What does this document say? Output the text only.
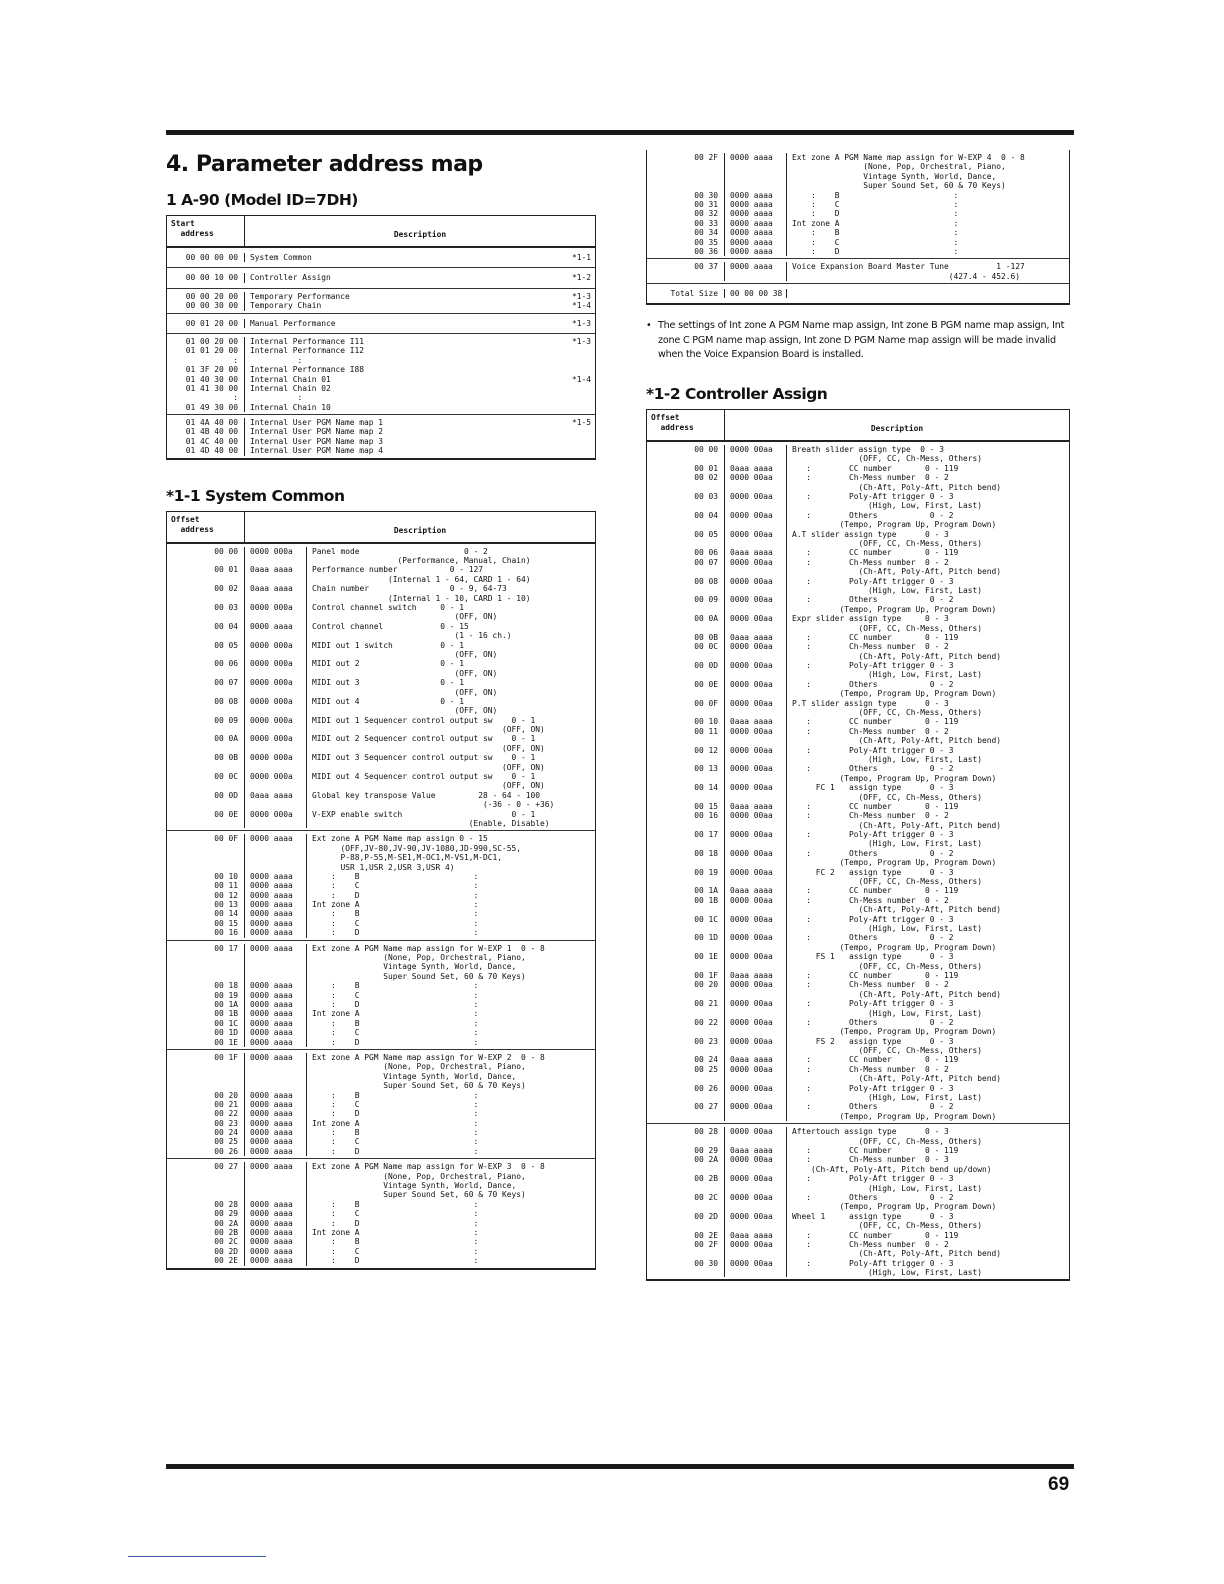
4. Parameter address map
1 A-90 (Model ID=7DH)
Start
address	Description
00 00 00 00	System Common	*1-1
00 00 10 00	Controller Assign	*1-2
00 00 20 00	Temporary Performance	*1-3
00 00 30 00	Temporary Chain	*1-4
00 01 20 00	Manual Performance	*1-3
01 00 20 00	Internal Performance I11	*1-3
01 01 20 00	Internal Performance I12
:	:
01 3F 20 00	Internal Performance I88
01 40 30 00	Internal Chain 01	*1-4
01 41 30 00	Internal Chain 02
:	:
01 49 30 00	Internal Chain 10
01 4A 40 00	Internal User PGM Name map 1	*1-5
01 4B 40 00	Internal User PGM Name map 2
01 4C 40 00	Internal User PGM Name map 3
01 4D 40 00	Internal User PGM Name map 4
*1-1 System Common
Offset
address	Description
00 00	0000 000a	Panel mode                      0 - 2
(Performance, Manual, Chain)
00 01	0aaa aaaa	Performance number           0 - 127
(Internal 1 - 64, CARD 1 - 64)
00 02	0aaa aaaa	Chain number                 0 - 9, 64-73
(Internal 1 - 10, CARD 1 - 10)
00 03	0000 000a	Control channel switch     0 - 1
(OFF, ON)
00 04	0000 aaaa	Control channel            0 - 15
(1 - 16 ch.)
00 05	0000 000a	MIDI out 1 switch          0 - 1
(OFF, ON)
00 06	0000 000a	MIDI out 2                 0 - 1
(OFF, ON)
00 07	0000 000a	MIDI out 3                 0 - 1
(OFF, ON)
00 08	0000 000a	MIDI out 4                 0 - 1
(OFF, ON)
00 09	0000 000a	MIDI out 1 Sequencer control output sw    0 - 1
(OFF, ON)
00 0A	0000 000a	MIDI out 2 Sequencer control output sw    0 - 1
(OFF, ON)
00 0B	0000 000a	MIDI out 3 Sequencer control output sw    0 - 1
(OFF, ON)
00 0C	0000 000a	MIDI out 4 Sequencer control output sw    0 - 1
(OFF, ON)
00 0D	0aaa aaaa	Global key transpose Value         28 - 64 - 100
(-36 - 0 - +36)
00 0E	0000 000a	V-EXP enable switch                       0 - 1
(Enable, Disable)
00 0F	0000 aaaa	Ext zone A PGM Name map assign 0 - 15
(OFF,JV-80,JV-90,JV-1080,JD-990,SC-55,
P-88,P-55,M-SE1,M-OC1,M-VS1,M-DC1,
USR 1,USR 2,USR 3,USR 4)
00 10	0000 aaaa	:    B                        :
00 11	0000 aaaa	:    C                        :
00 12	0000 aaaa	:    D                        :
00 13	0000 aaaa	Int zone A                        :
00 14	0000 aaaa	:    B                        :
00 15	0000 aaaa	:    C                        :
00 16	0000 aaaa	:    D                        :
00 17	0000 aaaa	Ext zone A PGM Name map assign for W-EXP 1  0 - 8
(None, Pop, Orchestral, Piano,
Vintage Synth, World, Dance,
Super Sound Set, 60 & 70 Keys)
00 18	0000 aaaa	:    B                        :
00 19	0000 aaaa	:    C                        :
00 1A	0000 aaaa	:    D                        :
00 1B	0000 aaaa	Int zone A                        :
00 1C	0000 aaaa	:    B                        :
00 1D	0000 aaaa	:    C                        :
00 1E	0000 aaaa	:    D                        :
00 1F	0000 aaaa	Ext zone A PGM Name map assign for W-EXP 2  0 - 8
(None, Pop, Orchestral, Piano,
Vintage Synth, World, Dance,
Super Sound Set, 60 & 70 Keys)
00 20	0000 aaaa	:    B                        :
00 21	0000 aaaa	:    C                        :
00 22	0000 aaaa	:    D                        :
00 23	0000 aaaa	Int zone A                        :
00 24	0000 aaaa	:    B                        :
00 25	0000 aaaa	:    C                        :
00 26	0000 aaaa	:    D                        :
00 27	0000 aaaa	Ext zone A PGM Name map assign for W-EXP 3  0 - 8
(None, Pop, Orchestral, Piano,
Vintage Synth, World, Dance,
Super Sound Set, 60 & 70 Keys)
00 28	0000 aaaa	:    B                        :
00 29	0000 aaaa	:    C                        :
00 2A	0000 aaaa	:    D                        :
00 2B	0000 aaaa	Int zone A                        :
00 2C	0000 aaaa	:    B                        :
00 2D	0000 aaaa	:    C                        :
00 2E	0000 aaaa	:    D                        :
00 2F	0000 aaaa	Ext zone A PGM Name map assign for W-EXP 4  0 - 8
(None, Pop, Orchestral, Piano,
Vintage Synth, World, Dance,
Super Sound Set, 60 & 70 Keys)
00 30	0000 aaaa	:    B                        :
00 31	0000 aaaa	:    C                        :
00 32	0000 aaaa	:    D                        :
00 33	0000 aaaa	Int zone A                        :
00 34	0000 aaaa	:    B                        :
00 35	0000 aaaa	:    C                        :
00 36	0000 aaaa	:    D                        :
00 37	0000 aaaa	Voice Expansion Board Master Tune          1 -127
(427.4 - 452.6)
Total Size	00 00 00 38

• The settings of Int zone A PGM Name map assign, Int zone B PGM name map assign, Int zone C PGM name map assign, Int zone D PGM Name map assign will be made invalid when the Voice Expansion Board is installed.

*1-2 Controller Assign
Offset
address	Description
00 00	0000 00aa	Breath slider assign type  0 - 3
(OFF, CC, Ch-Mess, Others)
00 01	0aaa aaaa	:        CC number       0 - 119
00 02	0000 00aa	:        Ch-Mess number  0 - 2
(Ch-Aft, Poly-Aft, Pitch bend)
00 03	0000 00aa	:        Poly-Aft trigger 0 - 3
(High, Low, First, Last)
00 04	0000 00aa	:        Others           0 - 2
(Tempo, Program Up, Program Down)
00 05	0000 00aa	A.T slider assign type      0 - 3
(OFF, CC, Ch-Mess, Others)
00 06	0aaa aaaa	:        CC number       0 - 119
00 07	0000 00aa	:        Ch-Mess number  0 - 2
(Ch-Aft, Poly-Aft, Pitch bend)
00 08	0000 00aa	:        Poly-Aft trigger 0 - 3
(High, Low, First, Last)
00 09	0000 00aa	:        Others           0 - 2
(Tempo, Program Up, Program Down)
00 0A	0000 00aa	Expr slider assign type     0 - 3
(OFF, CC, Ch-Mess, Others)
00 0B	0aaa aaaa	:        CC number       0 - 119
00 0C	0000 00aa	:        Ch-Mess number  0 - 2
(Ch-Aft, Poly-Aft, Pitch bend)
00 0D	0000 00aa	:        Poly-Aft trigger 0 - 3
(High, Low, First, Last)
00 0E	0000 00aa	:        Others           0 - 2
(Tempo, Program Up, Program Down)
00 0F	0000 00aa	P.T slider assign type      0 - 3
(OFF, CC, Ch-Mess, Others)
00 10	0aaa aaaa	:        CC number       0 - 119
00 11	0000 00aa	:        Ch-Mess number  0 - 2
(Ch-Aft, Poly-Aft, Pitch bend)
00 12	0000 00aa	:        Poly-Aft trigger 0 - 3
(High, Low, First, Last)
00 13	0000 00aa	:        Others           0 - 2
(Tempo, Program Up, Program Down)
00 14	0000 00aa	FC 1   assign type      0 - 3
(OFF, CC, Ch-Mess, Others)
00 15	0aaa aaaa	:        CC number       0 - 119
00 16	0000 00aa	:        Ch-Mess number  0 - 2
(Ch-Aft, Poly-Aft, Pitch bend)
00 17	0000 00aa	:        Poly-Aft trigger 0 - 3
(High, Low, First, Last)
00 18	0000 00aa	:        Others           0 - 2
(Tempo, Program Up, Program Down)
00 19	0000 00aa	FC 2   assign type      0 - 3
(OFF, CC, Ch-Mess, Others)
00 1A	0aaa aaaa	:        CC number       0 - 119
00 1B	0000 00aa	:        Ch-Mess number  0 - 2
(Ch-Aft, Poly-Aft, Pitch bend)
00 1C	0000 00aa	:        Poly-Aft trigger 0 - 3
(High, Low, First, Last)
00 1D	0000 00aa	:        Others           0 - 2
(Tempo, Program Up, Program Down)
00 1E	0000 00aa	FS 1   assign type      0 - 3
(OFF, CC, Ch-Mess, Others)
00 1F	0aaa aaaa	:        CC number       0 - 119
00 20	0000 00aa	:        Ch-Mess number  0 - 2
(Ch-Aft, Poly-Aft, Pitch bend)
00 21	0000 00aa	:        Poly-Aft trigger 0 - 3
(High, Low, First, Last)
00 22	0000 00aa	:        Others           0 - 2
(Tempo, Program Up, Program Down)
00 23	0000 00aa	FS 2   assign type      0 - 3
(OFF, CC, Ch-Mess, Others)
00 24	0aaa aaaa	:        CC number       0 - 119
00 25	0000 00aa	:        Ch-Mess number  0 - 2
(Ch-Aft, Poly-Aft, Pitch bend)
00 26	0000 00aa	:        Poly-Aft trigger 0 - 3
(High, Low, First, Last)
00 27	0000 00aa	:        Others           0 - 2
(Tempo, Program Up, Program Down)
00 28	0000 00aa	Aftertouch assign type      0 - 3
(OFF, CC, Ch-Mess, Others)
00 29	0aaa aaaa	:        CC number       0 - 119
00 2A	0000 00aa	:        Ch-Mess number  0 - 3
(Ch-Aft, Poly-Aft, Pitch bend up/down)
00 2B	0000 00aa	:        Poly-Aft trigger 0 - 3
(High, Low, First, Last)
00 2C	0000 00aa	:        Others           0 - 2
(Tempo, Program Up, Program Down)
00 2D	0000 00aa	Wheel 1     assign type      0 - 3
(OFF, CC, Ch-Mess, Others)
00 2E	0aaa aaaa	:        CC number       0 - 119
00 2F	0000 00aa	:        Ch-Mess number  0 - 2
(Ch-Aft, Poly-Aft, Pitch bend)
00 30	0000 00aa	:        Poly-Aft trigger 0 - 3
(High, Low, First, Last)
69
